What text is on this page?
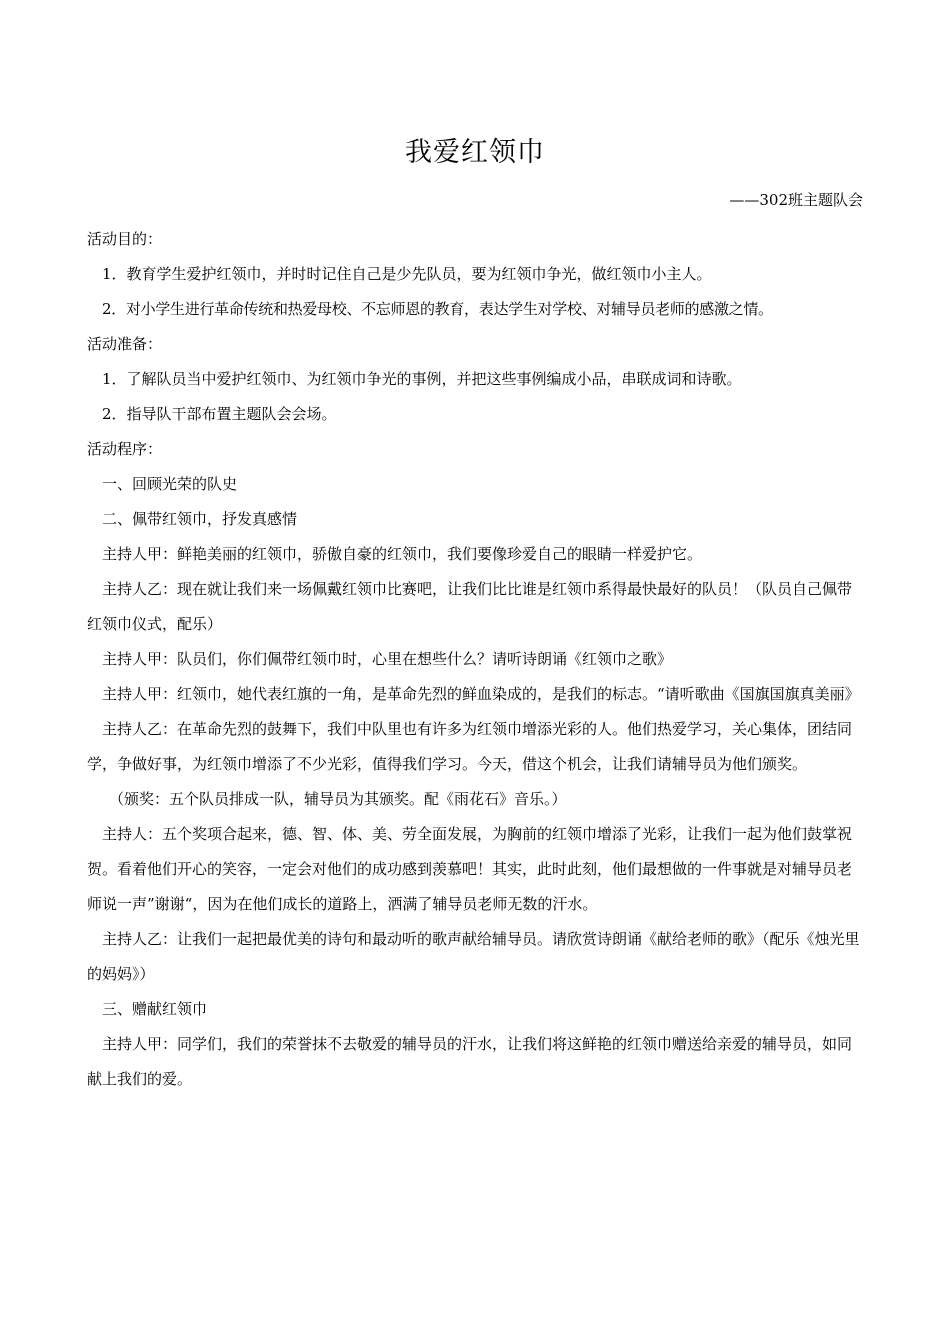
我爱红领巾
——302班主题队会

活动目的：

1．教育学生爱护红领巾，并时时记住自己是少先队员，要为红领巾争光，做红领巾小主人。

2．对小学生进行革命传统和热爱母校、不忘师恩的教育，表达学生对学校、对辅导员老师的感激之情。

活动准备：

1．了解队员当中爱护红领巾、为红领巾争光的事例，并把这些事例编成小品，串联成词和诗歌。

2．指导队干部布置主题队会会场。

活动程序：

一、回顾光荣的队史

二、佩带红领巾，抒发真感情

主持人甲：鲜艳美丽的红领巾，骄傲自豪的红领巾，我们要像珍爱自己的眼睛一样爱护它。

主持人乙：现在就让我们来一场佩戴红领巾比赛吧，让我们比比谁是红领巾系得最快最好的队员！（队员自己佩带红领巾仪式，配乐）

主持人甲：队员们，你们佩带红领巾时，心里在想些什么？请听诗朗诵《红领巾之歌》

主持人甲：红领巾，她代表红旗的一角，是革命先烈的鲜血染成的，是我们的标志。“请听歌曲《国旗国旗真美丽》

主持人乙：在革命先烈的鼓舞下，我们中队里也有许多为红领巾增添光彩的人。他们热爱学习，关心集体，团结同学，争做好事，为红领巾增添了不少光彩，值得我们学习。今天，借这个机会，让我们请辅导员为他们颁奖。

（颁奖：五个队员排成一队，辅导员为其颁奖。配《雨花石》音乐。）

主持人：五个奖项合起来，德、智、体、美、劳全面发展，为胸前的红领巾增添了光彩，让我们一起为他们鼓掌祝贺。看着他们开心的笑容，一定会对他们的成功感到羡慕吧！其实，此时此刻，他们最想做的一件事就是对辅导员老师说一声”谢谢“，因为在他们成长的道路上，洒满了辅导员老师无数的汗水。

主持人乙：让我们一起把最优美的诗句和最动听的歌声献给辅导员。请欣赏诗朗诵《献给老师的歌》（配乐《烛光里的妈妈》）

三、赠献红领巾

主持人甲：同学们，我们的荣誉抹不去敬爱的辅导员的汗水，让我们将这鲜艳的红领巾赠送给亲爱的辅导员，如同献上我们的爱。
